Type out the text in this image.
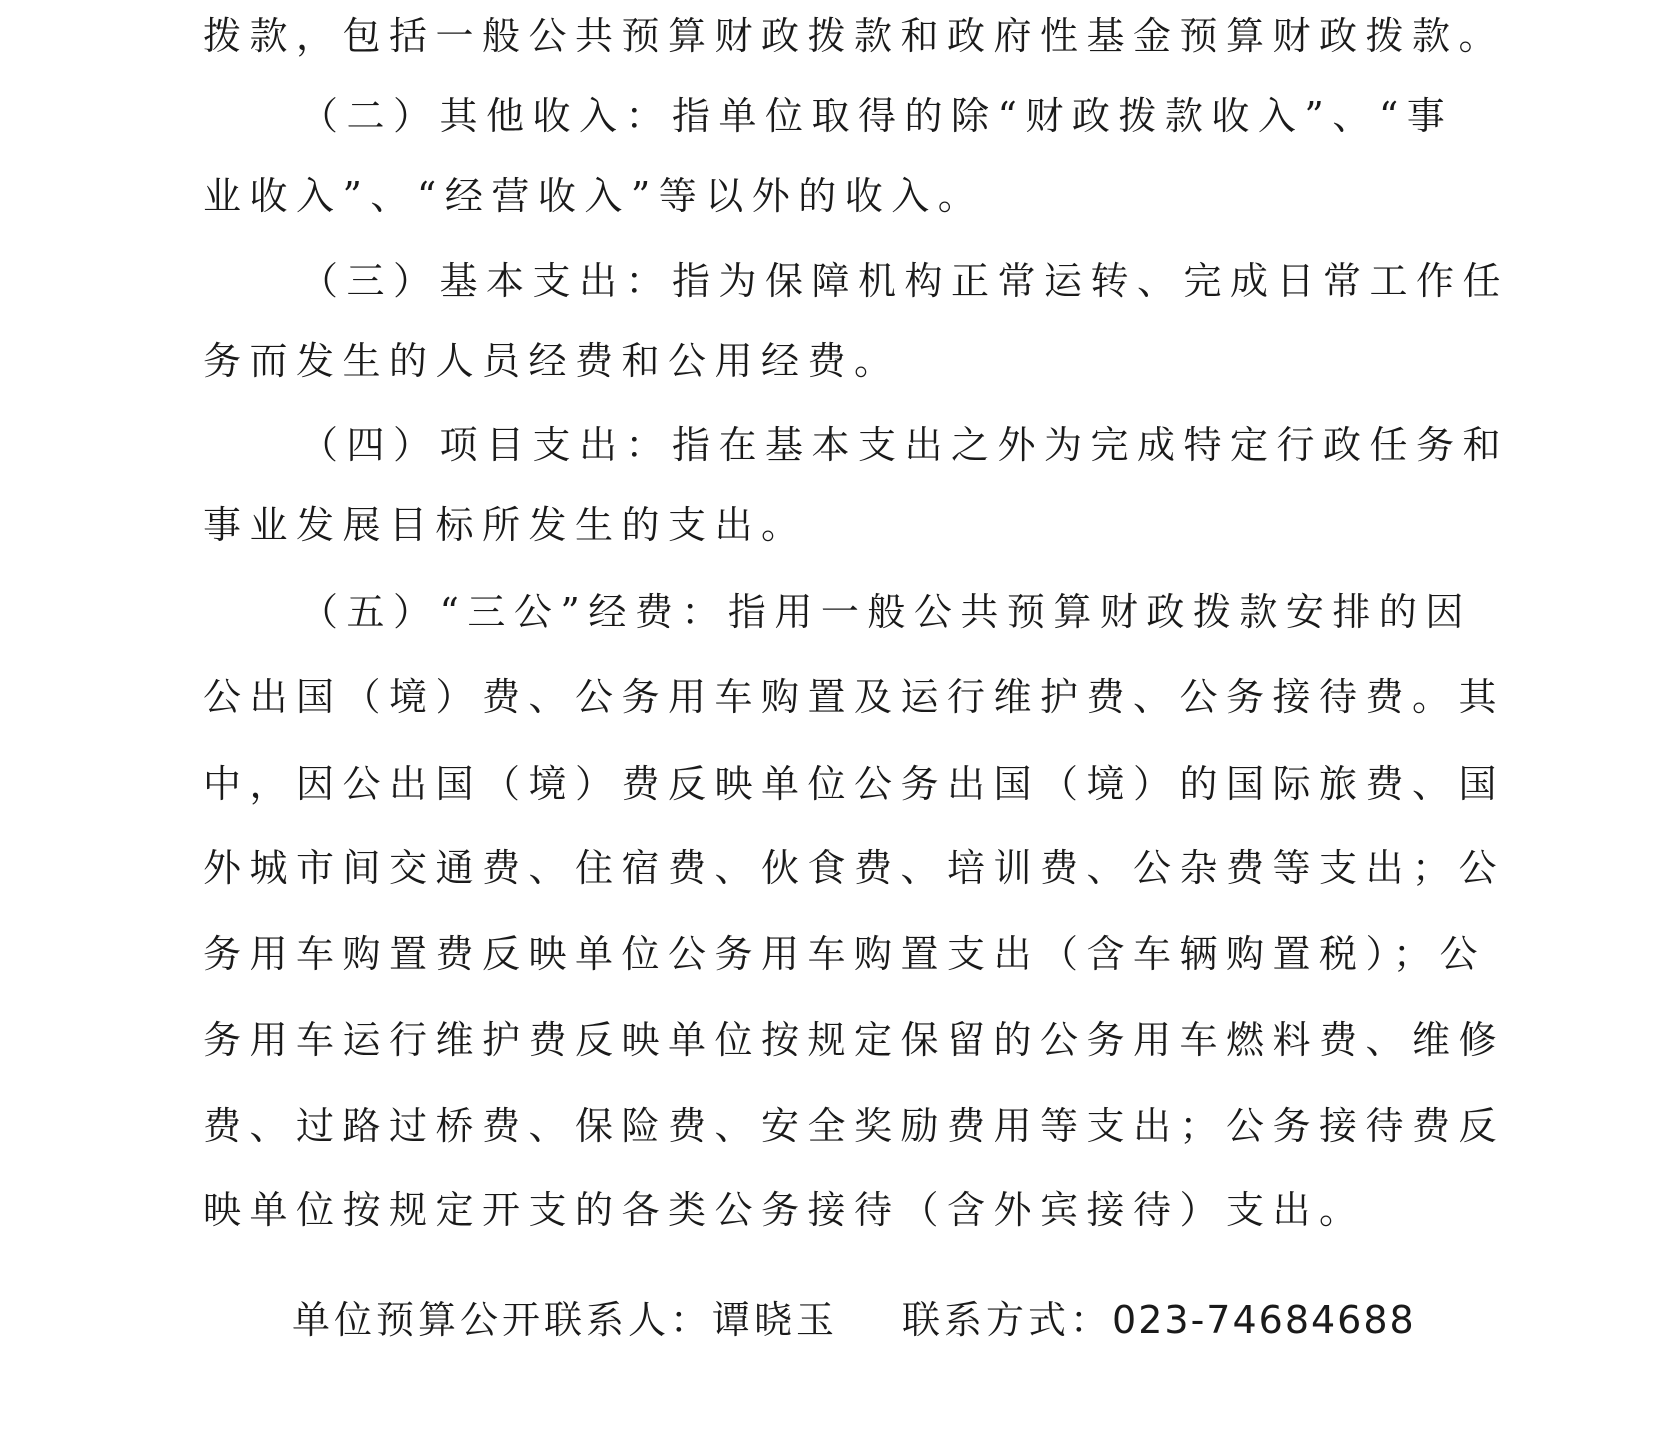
拨款，包括一般公共预算财政拨款和政府性基金预算财政拨款。
（二）其他收入：指单位取得的除“财政拨款收入”、“事
业收入”、“经营收入”等以外的收入。
（三）基本支出：指为保障机构正常运转、完成日常工作任
务而发生的人员经费和公用经费。
（四）项目支出：指在基本支出之外为完成特定行政任务和
事业发展目标所发生的支出。
（五）“三公”经费：指用一般公共预算财政拨款安排的因
公出国（境）费、公务用车购置及运行维护费、公务接待费。其
中，因公出国（境）费反映单位公务出国（境）的国际旅费、国
外城市间交通费、住宿费、伙食费、培训费、公杂费等支出；公
务用车购置费反映单位公务用车购置支出（含车辆购置税）；公
务用车运行维护费反映单位按规定保留的公务用车燃料费、维修
费、过路过桥费、保险费、安全奖励费用等支出；公务接待费反
映单位按规定开支的各类公务接待（含外宾接待）支出。
单位预算公开联系人：谭晓玉 联系方式：023-74684688
